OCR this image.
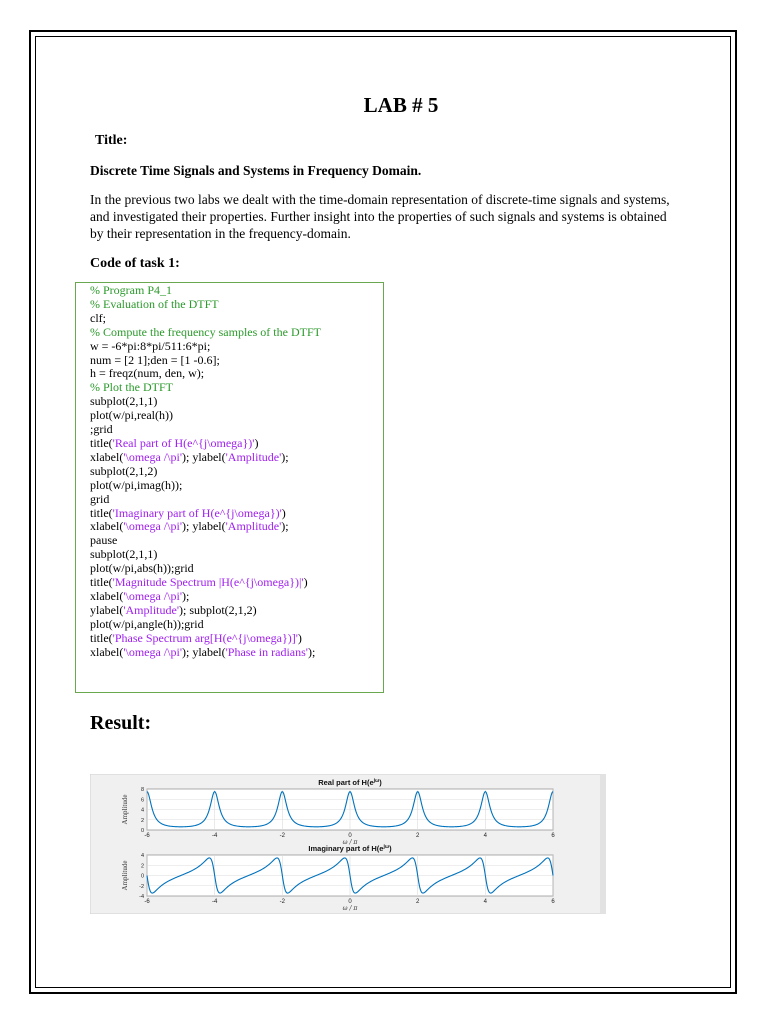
LAB # 5
Title:
Discrete Time Signals and Systems in Frequency Domain.
In the previous two labs we dealt with the time-domain representation of discrete-time signals and systems, and investigated their properties. Further insight into the properties of such signals and systems is obtained by their representation in the frequency-domain.
Code of task 1:
% Program P4_1
% Evaluation of the DTFT
clf;
% Compute the frequency samples of the DTFT
w = -6*pi:8*pi/511:6*pi;
num = [2 1];den = [1 -0.6];
h = freqz(num, den, w);
% Plot the DTFT
subplot(2,1,1)
plot(w/pi,real(h))
;grid
title('Real part of H(e^{j\omega})')
xlabel('\omega /\pi'); ylabel('Amplitude');
subplot(2,1,2)
plot(w/pi,imag(h));
grid
title('Imaginary part of H(e^{j\omega})')
xlabel('\omega /\pi'); ylabel('Amplitude');
pause
subplot(2,1,1)
plot(w/pi,abs(h));grid
title('Magnitude Spectrum |H(e^{j\omega})|')
xlabel('\omega /\pi');
ylabel('Amplitude'); subplot(2,1,2)
plot(w/pi,angle(h));grid
title('Phase Spectrum arg[H(e^{j\omega})]')
xlabel('\omega /\pi'); ylabel('Phase in radians');
Result:
-6	-4	-2	0	2	4	6
0
2
4
6
8
Real part of $H(e^{j\omega})$
ω / π
Amplitude
-6	-4	-2	0	2	4	6
-4
-2
0
2
4
Imaginary part of $H(e^{j\omega})$
ω / π
Amplitude
